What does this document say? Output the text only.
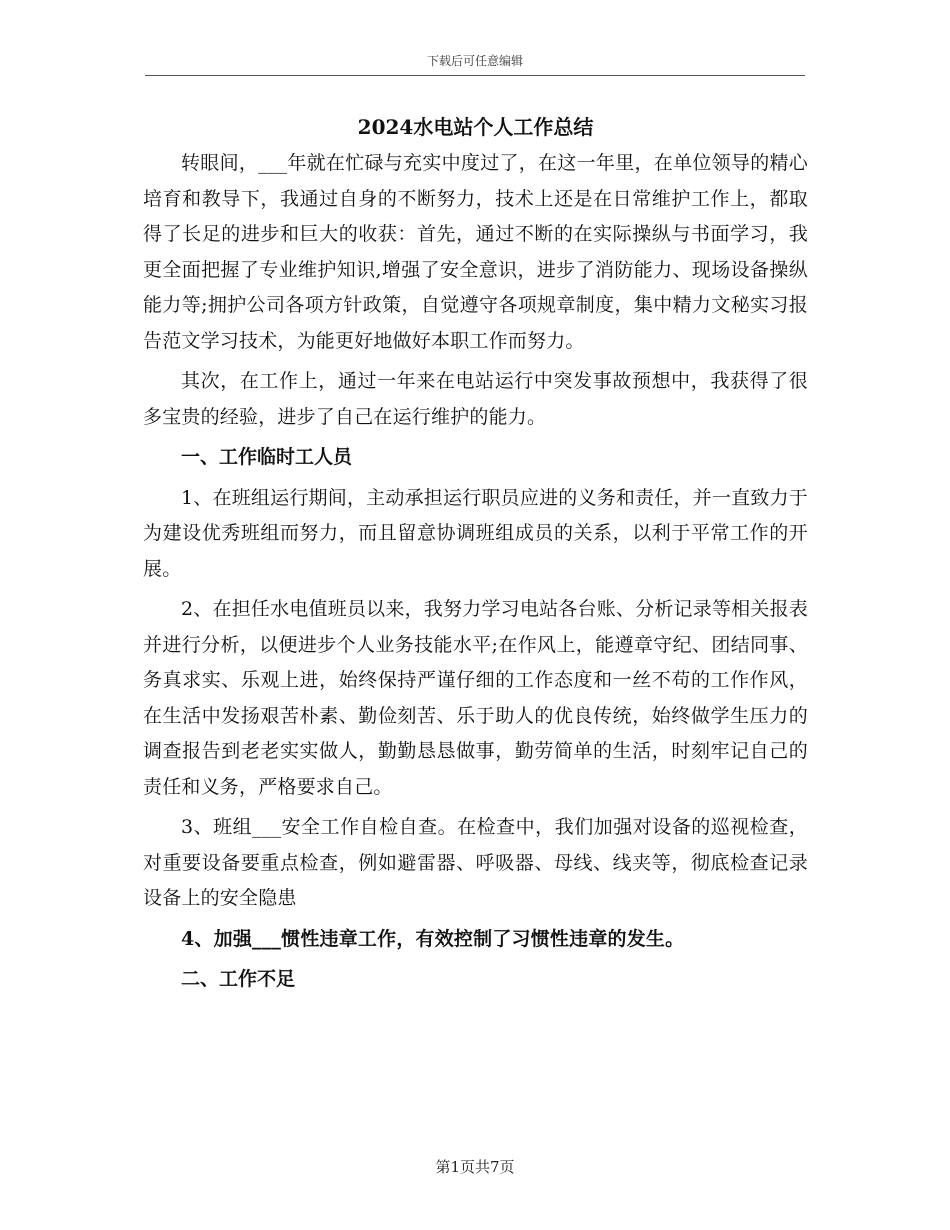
下载后可任意编辑
2024水电站个人工作总结

转眼间，___年就在忙碌与充实中度过了，在这一年里，在单位领导的精心培育和教导下，我通过自身的不断努力，技术上还是在日常维护工作上，都取得了长足的进步和巨大的收获：首先，通过不断的在实际操纵与书面学习，我更全面把握了专业维护知识,增强了安全意识，进步了消防能力、现场设备操纵能力等;拥护公司各项方针政策，自觉遵守各项规章制度，集中精力文秘实习报告范文学习技术，为能更好地做好本职工作而努力。

其次，在工作上，通过一年来在电站运行中突发事故预想中，我获得了很多宝贵的经验，进步了自己在运行维护的能力。

一、工作临时工人员

1、在班组运行期间，主动承担运行职员应进的义务和责任，并一直致力于为建设优秀班组而努力，而且留意协调班组成员的关系，以利于平常工作的开展。

2、在担任水电值班员以来，我努力学习电站各台账、分析记录等相关报表并进行分析，以便进步个人业务技能水平;在作风上，能遵章守纪、团结同事、务真求实、乐观上进，始终保持严谨仔细的工作态度和一丝不苟的工作作风，在生活中发扬艰苦朴素、勤俭刻苦、乐于助人的优良传统，始终做学生压力的调查报告到老老实实做人，勤勤恳恳做事，勤劳简单的生活，时刻牢记自己的责任和义务，严格要求自己。

3、班组___安全工作自检自查。在检查中，我们加强对设备的巡视检查，对重要设备要重点检查，例如避雷器、呼吸器、母线、线夹等，彻底检查记录设备上的安全隐患

4、加强___惯性违章工作，有效控制了习惯性违章的发生。

二、工作不足

第1页共7页
